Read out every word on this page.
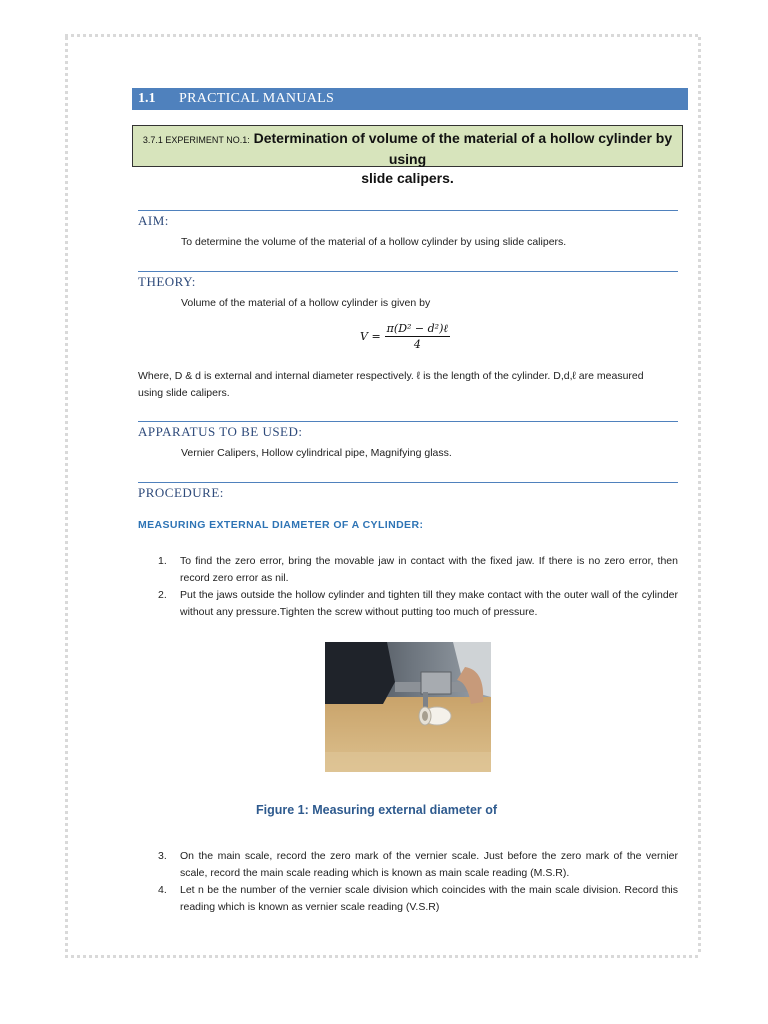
1.1	PRACTICAL MANUALS
3.7.1 EXPERIMENT NO.1: Determination of volume of the material of a hollow cylinder by using
slide calipers.
AIM:
To determine the volume of the material of a hollow cylinder by using slide calipers.
THEORY:
Volume of the material of a hollow cylinder is given by
$V = \frac{\text{π(D² − d²)ℓ}}{4}$
Where, D & d is external and internal diameter respectively. ℓ is the length of the cylinder. D,d,ℓ are measured
using slide calipers.
APPARATUS TO BE USED:
Vernier Calipers, Hollow cylindrical pipe, Magnifying glass.
PROCEDURE:
MEASURING EXTERNAL DIAMETER OF A CYLINDER:
1.	To find the zero error, bring the movable jaw in contact with the fixed jaw. If there is no zero error, then record zero error as nil.
2.	Put the jaws outside the hollow cylinder and tighten till they make contact with the outer wall of the cylinder without any pressure.Tighten the screw without putting too much of pressure.
Figure 1: Measuring external diameter of
3.	On the main scale, record the zero mark of the vernier scale. Just before the zero mark of the vernier scale, record the main scale reading which is known as main scale reading (M.S.R).
4.	Let n be the number of the vernier scale division which coincides with the main scale division. Record this reading which is known as vernier scale reading (V.S.R)
